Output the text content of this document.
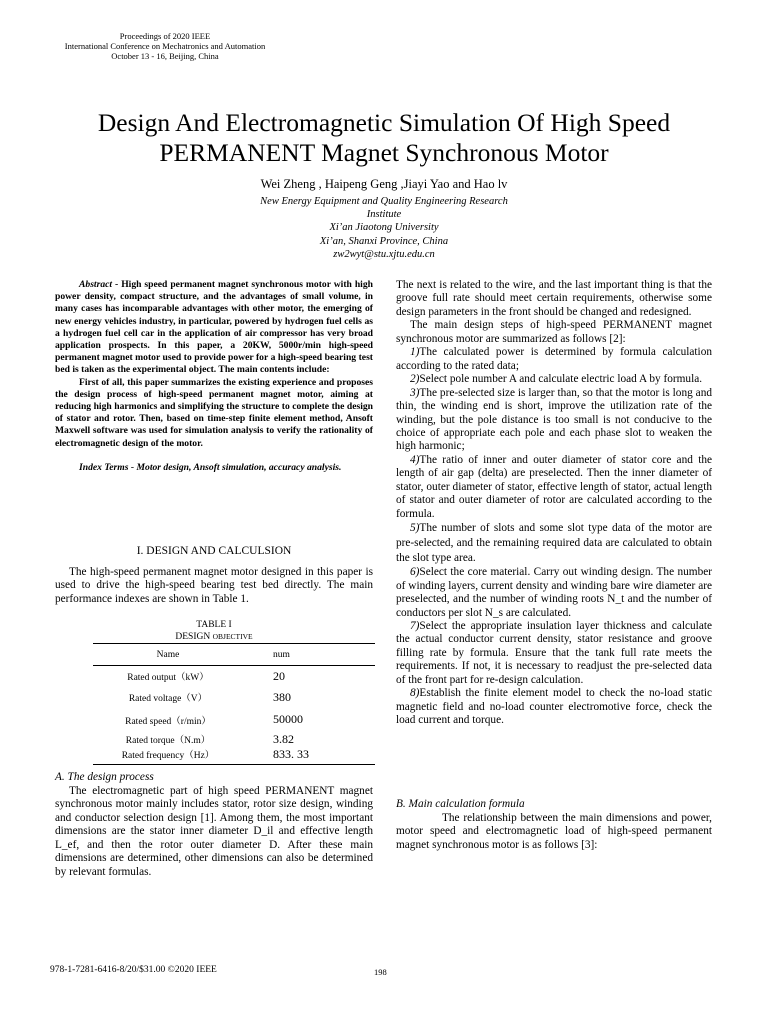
Proceedings of 2020 IEEE
International Conference on Mechatronics and Automation
October 13 - 16, Beijing, China
Design And Electromagnetic Simulation Of High Speed
PERMANENT Magnet Synchronous Motor
Wei Zheng , Haipeng Geng ,Jiayi Yao and Hao lv
New Energy Equipment and Quality Engineering Research
Institute
Xi’an Jiaotong University
Xi’an, Shanxi Province, China
zw2wyt@stu.xjtu.edu.cn

Abstract - High speed permanent magnet synchronous motor with high power density, compact structure, and the advantages of small volume, in many cases has incomparable advantages with other motor, the emerging of new energy vehicles industry, in particular, powered by hydrogen fuel cells as a hydrogen fuel cell car in the application of air compressor has very broad application prospects. In this paper, a 20KW, 5000r/min high-speed permanent magnet motor used to provide power for a high-speed bearing test bed is taken as the experimental object. The main contents include:

First of all, this paper summarizes the existing experience and proposes the design process of high-speed permanent magnet motor, aiming at reducing high harmonics and simplifying the structure to complete the design of stator and rotor. Then, based on time-step finite element method, Ansoft Maxwell software was used for simulation analysis to verify the rationality of electromagnetic design of the motor.

Index Terms - Motor design, Ansoft simulation, accuracy analysis.

I. DESIGN AND CALCULSION

The high-speed permanent magnet motor designed in this paper is used to drive the high-speed bearing test bed directly. The main performance indexes are shown in Table 1.

TABLE I
DESIGN OBJECTIVE
Name	num
Rated output（kW）	20
Rated voltage（V）	380
Rated speed（r/min）	50000
Rated torque（N.m）	3.82
Rated frequency（Hz）	833. 33
A. The design process

The electromagnetic part of high speed PERMANENT magnet synchronous motor mainly includes stator, rotor size design, winding and conductor selection design [1]. Among them, the most important dimensions are the stator inner diameter D_il and effective length L_ef, and then the rotor outer diameter D. After these main dimensions are determined, other dimensions can also be determined by relevant formulas.

The next is related to the wire, and the last important thing is that the groove full rate should meet certain requirements, otherwise some design parameters in the front should be changed and redesigned.

The main design steps of high-speed PERMANENT magnet synchronous motor are summarized as follows [2]:

1)The calculated power is determined by formula calculation according to the rated data;

2)Select pole number A and calculate electric load A by formula.

3)The pre-selected size is larger than, so that the motor is long and thin, the winding end is short, improve the utilization rate of the winding, but the pole distance is too small is not conducive to the choice of appropriate each pole and each phase slot to weaken the high harmonic;

4)The ratio of inner and outer diameter of stator core and the length of air gap (delta) are preselected. Then the inner diameter of stator, outer diameter of stator, effective length of stator, actual length of stator and outer diameter of rotor are calculated according to the formula.

5)The number of slots and some slot type data of the motor are pre-selected, and the remaining required data are calculated to obtain the slot type area.

6)Select the core material. Carry out winding design. The number of winding layers, current density and winding bare wire diameter are preselected, and the number of winding roots N_t and the number of conductors per slot N_s are calculated.

7)Select the appropriate insulation layer thickness and calculate the actual conductor current density, stator resistance and groove filling rate by formula. Ensure that the tank full rate meets the requirements. If not, it is necessary to readjust the pre-selected data of the front part for re-design calculation.

8)Establish the finite element model to check the no-load static magnetic field and no-load counter electromotive force, check the load current and torque.

B. Main calculation formula

The relationship between the main dimensions and power, motor speed and electromagnetic load of high-speed permanent magnet synchronous motor is as follows [3]:

978-1-7281-6416-8/20/$31.00 ©2020 IEEE	198
